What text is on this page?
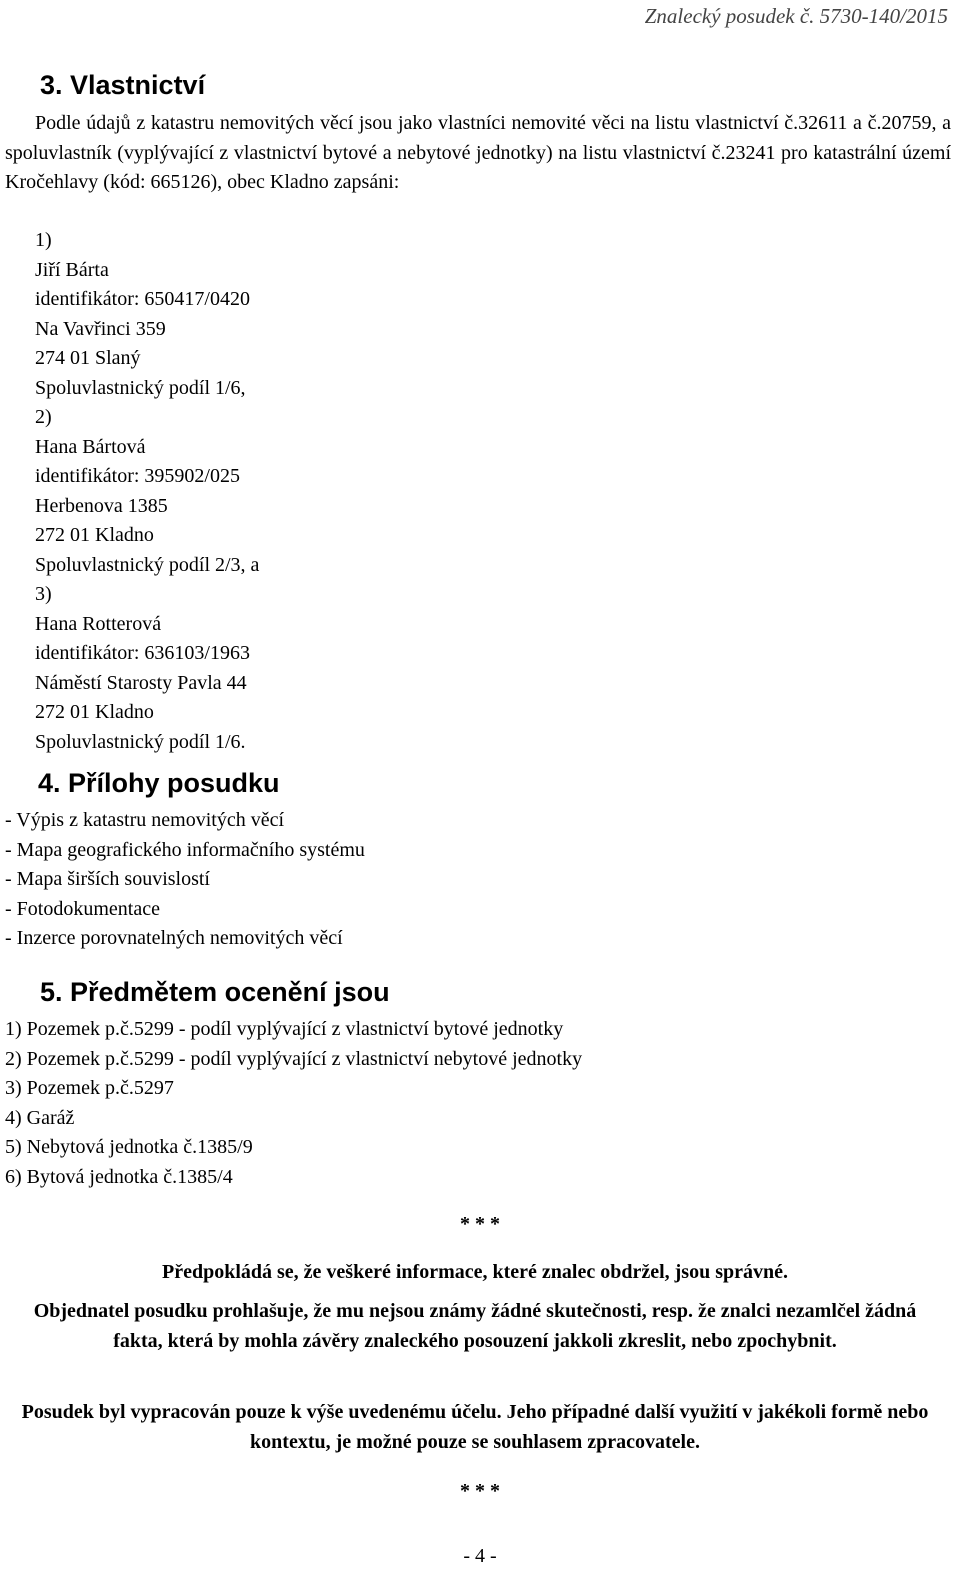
Znalecký posudek č. 5730-140/2015
3. Vlastnictví

Podle údajů z katastru nemovitých věcí jsou jako vlastníci nemovité věci na listu vlastnictví č.32611 a č.20759, a spoluvlastník (vyplývající z vlastnictví bytové a nebytové jednotky) na listu vlastnictví č.23241 pro katastrální území Kročehlavy (kód: 665126), obec Kladno zapsáni:

1)
Jiří Bárta
identifikátor: 650417/0420
Na Vavřinci 359
274 01 Slaný
Spoluvlastnický podíl 1/6,
2)
Hana Bártová
identifikátor: 395902/025
Herbenova 1385
272 01 Kladno
Spoluvlastnický podíl 2/3, a
3)
Hana Rotterová
identifikátor: 636103/1963
Náměstí Starosty Pavla 44
272 01 Kladno
Spoluvlastnický podíl 1/6.
4. Přílohy posudku
- Výpis z katastru nemovitých věcí
- Mapa geografického informačního systému
- Mapa širších souvislostí
- Fotodokumentace
- Inzerce porovnatelných nemovitých věcí
5. Předmětem ocenění jsou
1) Pozemek p.č.5299 - podíl vyplývající z vlastnictví bytové jednotky
2) Pozemek p.č.5299 - podíl vyplývající z vlastnictví nebytové jednotky
3) Pozemek p.č.5297
4) Garáž
5) Nebytová jednotka č.1385/9
6) Bytová jednotka č.1385/4
* * *

Předpokládá se, že veškeré informace, které znalec obdržel, jsou správné.

Objednatel posudku prohlašuje, že mu nejsou známy žádné skutečnosti, resp. že znalci nezamlčel žádná fakta, která by mohla závěry znaleckého posouzení jakkoli zkreslit, nebo zpochybnit.

Posudek byl vypracován pouze k výše uvedenému účelu. Jeho případné další využití v jakékoli formě nebo kontextu, je možné pouze se souhlasem zpracovatele.

* * *
- 4 -
